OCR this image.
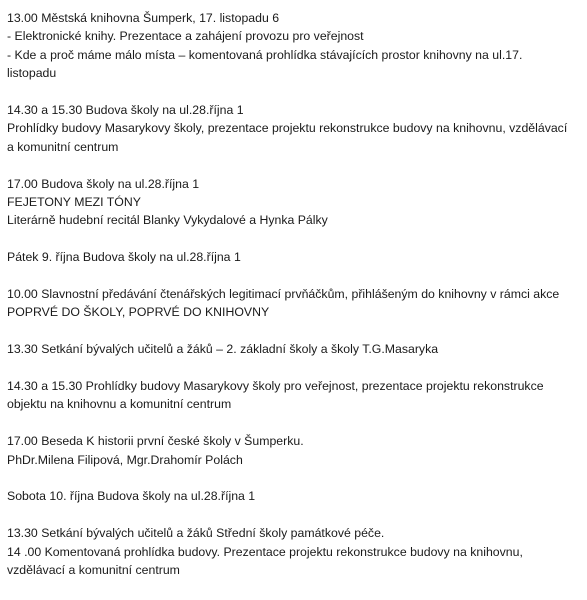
13.00 Městská knihovna Šumperk, 17. listopadu 6
- Elektronické knihy. Prezentace a zahájení provozu pro veřejnost
- Kde a proč máme málo místa – komentovaná prohlídka stávajících prostor knihovny na ul.17.
listopadu
14.30 a 15.30 Budova školy na ul.28.října 1
Prohlídky budovy Masarykovy školy, prezentace projektu rekonstrukce budovy na knihovnu, vzdělávací
a komunitní centrum
17.00 Budova školy na ul.28.října 1
FEJETONY MEZI TÓNY
Literárně hudební recitál Blanky Vykydalové a Hynka Pálky
Pátek 9. října Budova školy na ul.28.října 1
10.00 Slavnostní předávání čtenářských legitimací prvňáčkům, přihlášeným do knihovny v rámci akce
POPRVÉ DO ŠKOLY, POPRVÉ DO KNIHOVNY
13.30 Setkání bývalých učitelů a žáků – 2. základní školy a školy T.G.Masaryka
14.30 a 15.30 Prohlídky budovy Masarykovy školy pro veřejnost, prezentace projektu rekonstrukce
objektu na knihovnu a komunitní centrum
17.00 Beseda K historii první české školy v Šumperku.
PhDr.Milena Filipová, Mgr.Drahomír Polách
Sobota 10. října Budova školy na ul.28.října 1
13.30 Setkání bývalých učitelů a žáků Střední školy památkové péče.
14 .00 Komentovaná prohlídka budovy. Prezentace projektu rekonstrukce budovy na knihovnu,
vzdělávací a komunitní centrum
